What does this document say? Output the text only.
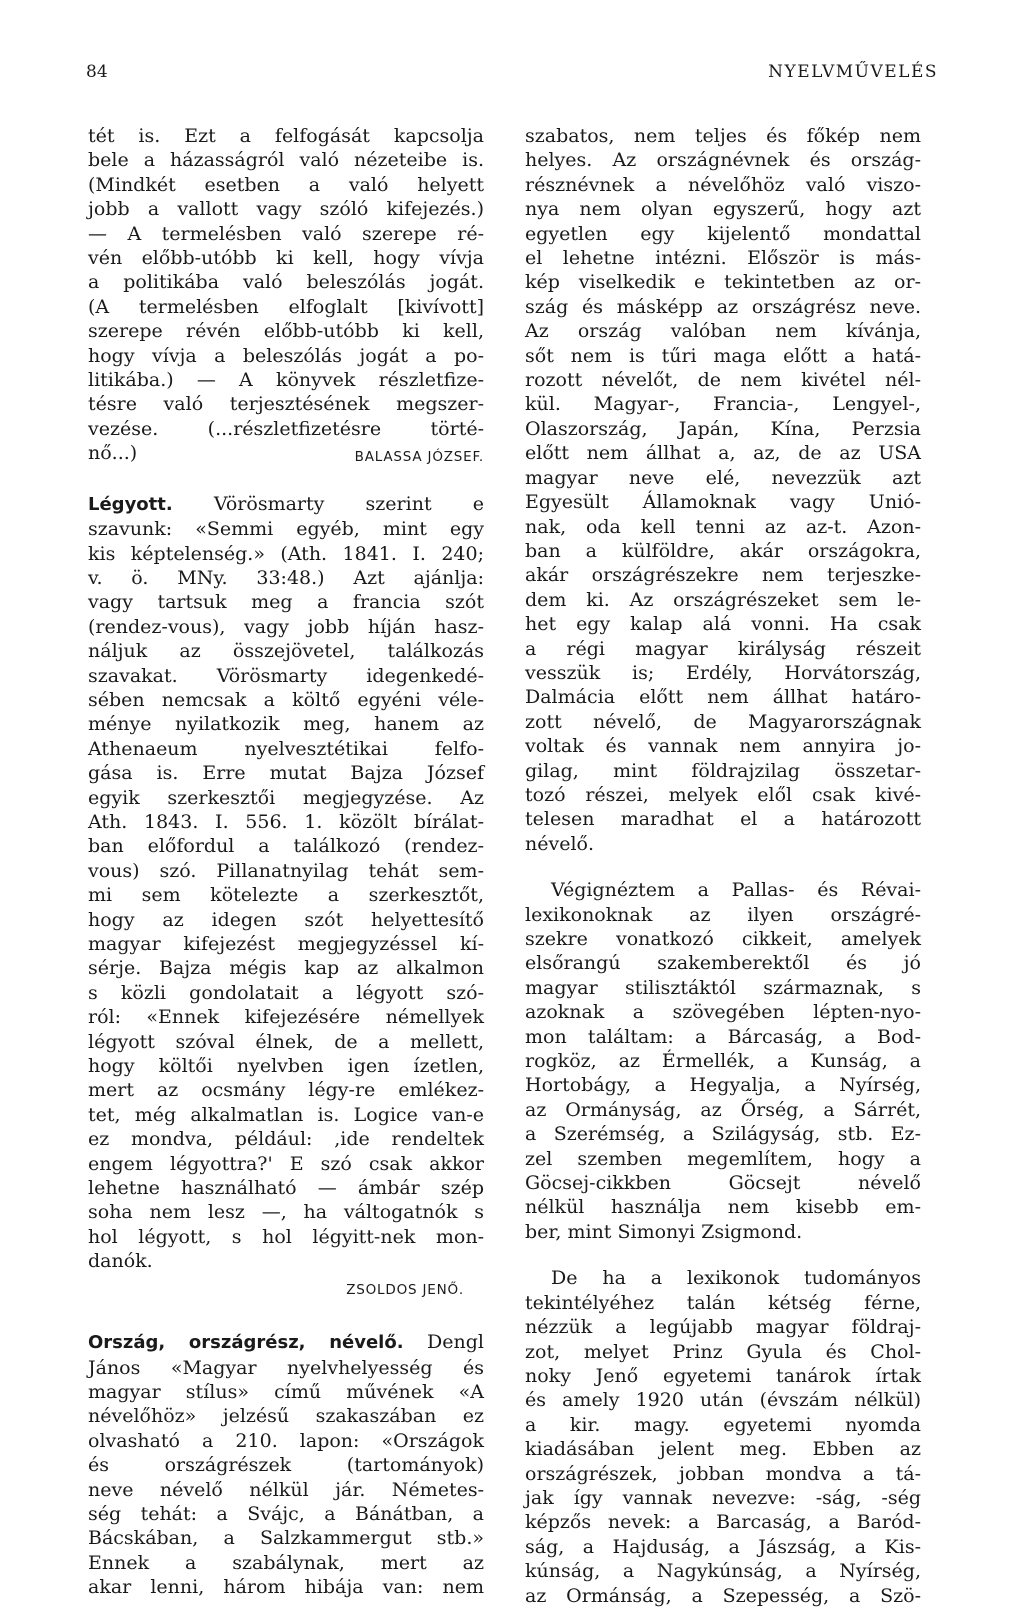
84	NYELVMŰVELÉS

tét is. Ezt a felfogását kapcsolja
bele a házasságról való nézeteibe is.
(Mindkét esetben a való helyett
jobb a vallott vagy szóló kifejezés.)
— A termelésben való szerepe ré-
vén előbb-utóbb ki kell, hogy vívja
a politikába való beleszólás jogát.
(A termelésben elfoglalt [kivívott]
szerepe révén előbb-utóbb ki kell,
hogy vívja a beleszólás jogát a po-
litikába.) — A könyvek részletfize-
tésre való terjesztésének megszer-
vezése. (...részletfizetésre törté-
nő...)	BALASSA JÓZSEF.

Légyott. Vörösmarty szerint e
szavunk: «Semmi egyéb, mint egy
kis képtelenség.» (Ath. 1841. I. 240;
v. ö. MNy. 33:48.) Azt ajánlja:
vagy tartsuk meg a francia szót
(rendez-vous), vagy jobb híján hasz-
náljuk az összejövetel, találkozás
szavakat. Vörösmarty idegenkedé-
sében nemcsak a költő egyéni véle-
ménye nyilatkozik meg, hanem az
Athenaeum nyelvesztétikai felfo-
gása is. Erre mutat Bajza József
egyik szerkesztői megjegyzése. Az
Ath. 1843. I. 556. 1. közölt bírálat-
ban előfordul a találkozó (rendez-
vous) szó. Pillanatnyilag tehát sem-
mi sem kötelezte a szerkesztőt,
hogy az idegen szót helyettesítő
magyar kifejezést megjegyzéssel kí-
sérje. Bajza mégis kap az alkalmon
s közli gondolatait a légyott szó-
ról: «Ennek kifejezésére némellyek
légyott szóval élnek, de a mellett,
hogy költői nyelvben igen ízetlen,
mert az ocsmány légy-re emlékez-
tet, még alkalmatlan is. Logice van-e
ez mondva, például: ,ide rendeltek
engem légyottra?' E szó csak akkor
lehetne használható — ámbár szép
soha nem lesz —, ha váltogatnók s
hol légyott, s hol légyitt-nek mon-
danók.
ZSOLDOS JENŐ.

Ország, országrész, névelő. Dengl
János «Magyar nyelvhelyesség és
magyar stílus» című művének «A
névelőhöz» jelzésű szakaszában ez
olvasható a 210. lapon: «Országok
és országrészek (tartományok)
neve névelő nélkül jár. Németes-
ség tehát: a Svájc, a Bánátban, a
Bácskában, a Salzkammergut stb.»
Ennek a szabálynak, mert az
akar lenni, három hibája van: nem

szabatos, nem teljes és főkép nem
helyes. Az országnévnek és ország-
résznévnek a névelőhöz való viszo-
nya nem olyan egyszerű, hogy azt
egyetlen egy kijelentő mondattal
el lehetne intézni. Először is más-
kép viselkedik e tekintetben az or-
szág és másképp az országrész neve.
Az ország valóban nem kívánja,
sőt nem is tűri maga előtt a hatá-
rozott névelőt, de nem kivétel nél-
kül. Magyar-, Francia-, Lengyel-,
Olaszország, Japán, Kína, Perzsia
előtt nem állhat a, az, de az USA
magyar neve elé, nevezzük azt
Egyesült Államoknak vagy Unió-
nak, oda kell tenni az az-t. Azon-
ban a külföldre, akár országokra,
akár országrészekre nem terjeszke-
dem ki. Az országrészeket sem le-
het egy kalap alá vonni. Ha csak
a régi magyar királyság részeit
vesszük is; Erdély, Horvátország,
Dalmácia előtt nem állhat határo-
zott névelő, de Magyarországnak
voltak és vannak nem annyira jo-
gilag, mint földrajzilag összetar-
tozó részei, melyek elől csak kivé-
telesen maradhat el a határozott
névelő.

Végignéztem a Pallas- és Révai-
lexikonoknak az ilyen országré-
szekre vonatkozó cikkeit, amelyek
elsőrangú szakemberektől és jó
magyar stilisztáktól származnak, s
azoknak a szövegében lépten-nyo-
mon találtam: a Bárcaság, a Bod-
rogköz, az Érmellék, a Kunság, a
Hortobágy, a Hegyalja, a Nyírség,
az Ormányság, az Őrség, a Sárrét,
a Szerémség, a Szilágyság, stb. Ez-
zel szemben megemlítem, hogy a
Göcsej-cikkben Göcsejt névelő
nélkül használja nem kisebb em-
ber, mint Simonyi Zsigmond.

De ha a lexikonok tudományos
tekintélyéhez talán kétség férne,
nézzük a legújabb magyar földraj-
zot, melyet Prinz Gyula és Chol-
noky Jenő egyetemi tanárok írtak
és amely 1920 után (évszám nélkül)
a kir. magy. egyetemi nyomda
kiadásában jelent meg. Ebben az
országrészek, jobban mondva a tá-
jak így vannak nevezve: -ság, -ség
képzős nevek: a Barcaság, a Baród-
ság, a Hajduság, a Jászság, a Kis-
kúnság, a Nagykúnság, a Nyírség,
az Ormánság, a Szepesség, a Szö-
